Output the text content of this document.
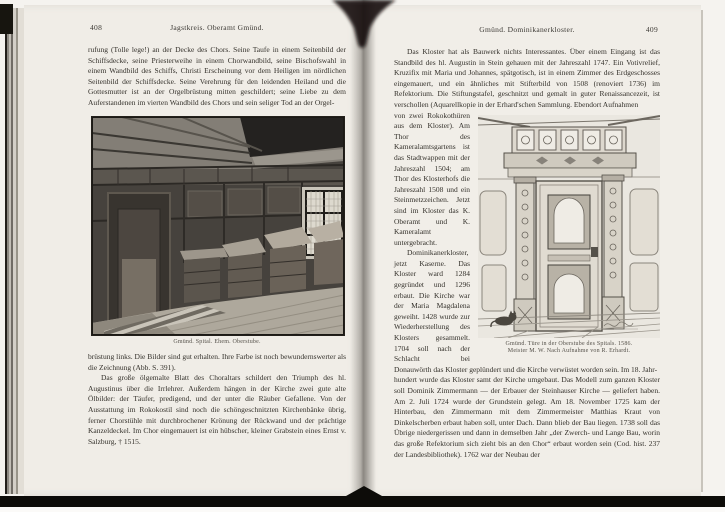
408	Jagstkreis. Oberamt Gmünd.

rufung (Tolle lege!) an der Decke des Chors. Seine Taufe in einem Seitenbild der Schiffsdecke, seine Priesterweihe in einem Chorwandbild, seine Bischofswahl in einem Wandbild des Schiffs, Christi Erscheinung vor dem Heiligen im nördlichen Seitenbild der Schiffsdecke. Seine Verehrung für den leidenden Heiland und die Gottesmutter ist an der Orgelbrüstung mitten geschildert; seine Liebe zu dem Auferstandenen im vierten Wandbild des Chors und sein seliger Tod an der Orgel-

Gmünd. Spital. Ehem. Oberstube.

brüstung links. Die Bilder sind gut erhalten. Ihre Farbe ist noch bewundernswerter als die Zeichnung (Abb. S. 391).

Das große ölgemalte Blatt des Choraltars schildert den Triumph des hl. Augustinus über die Irrlehrer. Außerdem hängen in der Kirche zwei gute alte Ölbilder: der Täufer, predigend, und der unter die Räuber Gefallene. Von der Ausstattung im Rokokostil sind noch die schöngeschnitzten Kirchenbänke übrig, ferner Chorstühle mit durchbrochener Krönung der Rückwand und der prächtige Kanzeldeckel. Im Chor eingemauert ist ein hübscher, kleiner Grabstein eines Ernst v. Salzburg, † 1515.

409
Gmünd. Dominikanerkloster.

Das Kloster hat als Bauwerk nichts Interessantes. Über einem Eingang ist das Standbild des hl. Augustin in Stein gehauen mit der Jahreszahl 1747. Ein Votivrelief, Kruzifix mit Maria und Johannes, spätgotisch, ist in einem Zimmer des Erdgeschosses eingemauert, und ein ähnliches mit Stifterbild von 1508 (renoviert 1736) im Refektorium. Die Stiftungstafel, geschnitzt und gemalt in guter Renaissancezeit, ist verschollen (Aquarellkopie in der Erhard'schen Sammlung. Ebendort Aufnahmen

Gmünd. Türe in der Oberstube des Spitals. 1586.
Meister M. W. Nach Aufnahme von R. Erhardt.

von zwei Rokokothüren aus dem Kloster). Am Thor des Kameralamtsgartens ist das Stadtwappen mit der Jahreszahl 1504; am Thor des Klosterhofs die Jahreszahl 1508 und ein Steinmetzzeichen. Jetzt sind im Kloster das K. Oberamt und K. Kameralamt untergebracht.

Dominikanerkloster, jetzt Kaserne. Das Kloster ward 1284 gegründet und 1296 erbaut. Die Kirche war der Maria Magdalena geweiht. 1428 wurde zur Wiederherstellung des Klosters gesammelt. 1704 soll nach der Schlacht bei Donauwörth das Kloster geplündert und die Kirche verwüstet worden sein. Im 18. Jahr-

hundert wurde das Kloster samt der Kirche umgebaut. Das Modell zum ganzen Kloster soll Dominik Zimmermann — der Erbauer der Steinhauser Kirche — geliefert haben. Am 2. Juli 1724 wurde der Grundstein gelegt. Am 18. November 1725 kam der Hinterbau, den Zimmermann mit dem Zimmermeister Matthias Kraut von Dinkelscherben erbaut haben soll, unter Dach. Dann blieb der Bau liegen. 1738 soll das Übrige niedergerissen und dann in demselben Jahr „der Zwerch- und Lange Bau, worin das große Refektorium sich zieht bis an den Chor“ erbaut worden sein (Cod. hist. 237 der Landesbibliothek). 1762 war der Neubau der
